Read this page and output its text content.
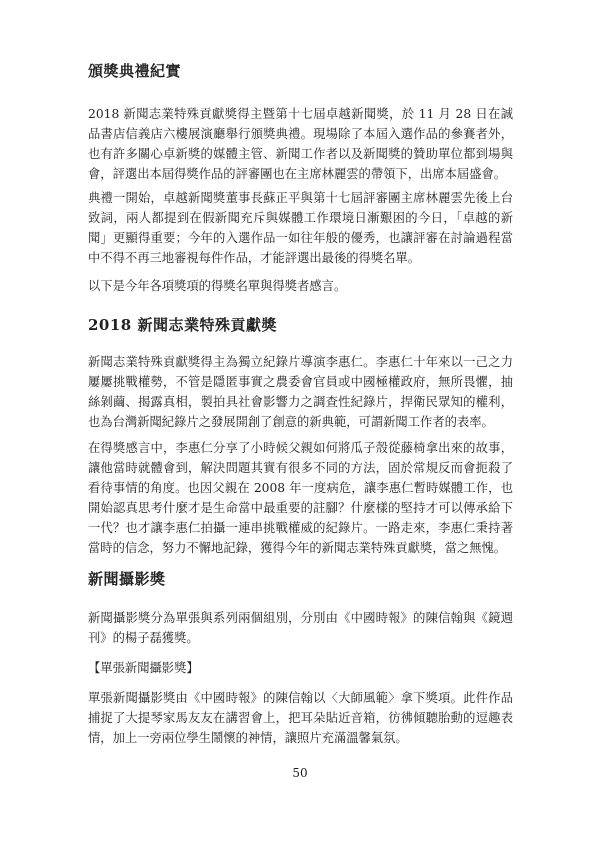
頒獎典禮紀實

2018 新聞志業特殊貢獻獎得主暨第十七屆卓越新聞獎，於 11 月 28 日在誠品書店信義店六樓展演廳舉行頒獎典禮。現場除了本屆入選作品的參賽者外，也有許多關心卓新獎的媒體主管、新聞工作者以及新聞獎的贊助單位都到場與會，評選出本屆得獎作品的評審團也在主席林麗雲的帶領下，出席本屆盛會。

典禮一開始，卓越新聞獎董事長蘇正平與第十七屆評審團主席林麗雲先後上台致詞，兩人都提到在假新聞充斥與媒體工作環境日漸艱困的今日，「卓越的新聞」更顯得重要；今年的入選作品一如往年般的優秀，也讓評審在討論過程當中不得不再三地審視每件作品，才能評選出最後的得獎名單。

以下是今年各項獎項的得獎名單與得獎者感言。

2018 新聞志業特殊貢獻獎

新聞志業特殊貢獻獎得主為獨立紀錄片導演李惠仁。李惠仁十年來以一己之力屢屢挑戰權勢，不管是隱匿事實之農委會官員或中國極權政府，無所畏懼，抽絲剝繭、揭露真相，製拍具社會影響力之調查性紀錄片，捍衛民眾知的權利，也為台灣新聞紀錄片之發展開創了創意的新典範，可謂新聞工作者的表率。

在得獎感言中，李惠仁分享了小時候父親如何將瓜子殼從藤椅拿出來的故事，讓他當時就體會到，解決問題其實有很多不同的方法，固於常規反而會扼殺了看待事情的角度。也因父親在 2008 年一度病危，讓李惠仁暫時媒體工作，也開始認真思考什麼才是生命當中最重要的註腳？什麼樣的堅持才可以傳承給下一代？也才讓李惠仁拍攝一連串挑戰權威的紀錄片。一路走來，李惠仁秉持著當時的信念，努力不懈地記錄，獲得今年的新聞志業特殊貢獻獎，當之無愧。

新聞攝影獎

新聞攝影獎分為單張與系列兩個組別，分別由《中國時報》的陳信翰與《鏡週刊》的楊子磊獲獎。

【單張新聞攝影獎】

單張新聞攝影獎由《中國時報》的陳信翰以〈大師風範〉拿下獎項。此件作品捕捉了大提琴家馬友友在講習會上，把耳朵貼近音箱，彷彿傾聽胎動的逗趣表情，加上一旁兩位學生鬧懷的神情，讓照片充滿溫馨氣氛。

50
